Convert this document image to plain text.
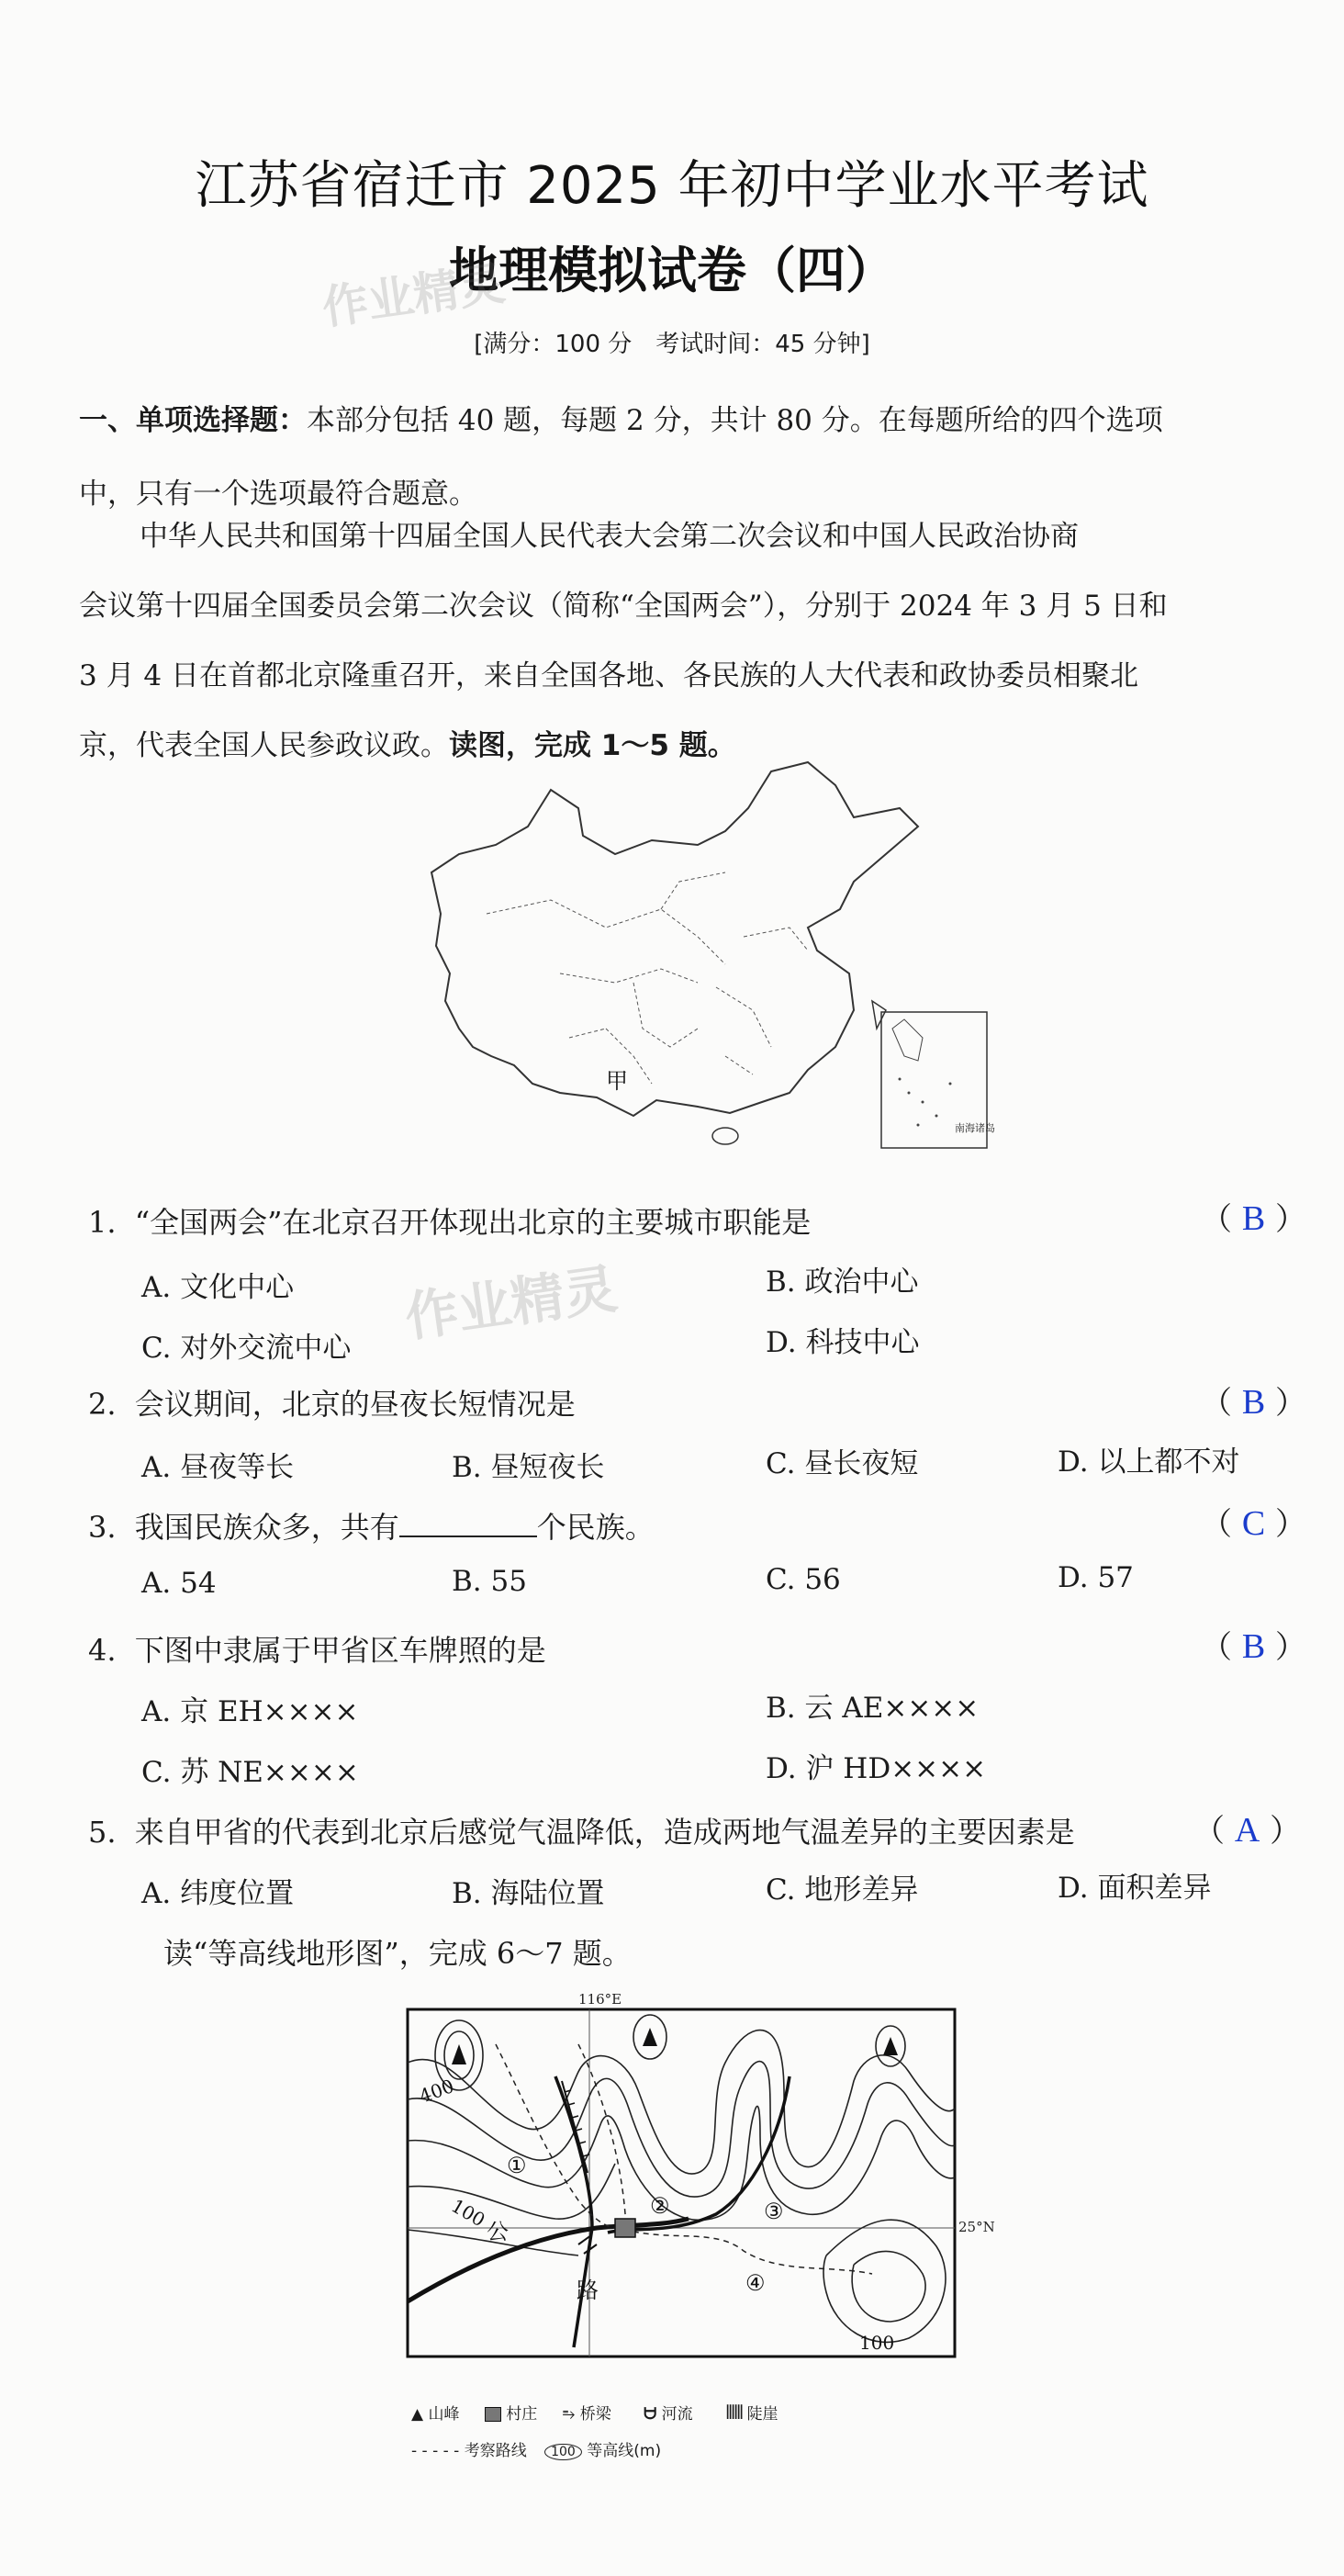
江苏省宿迁市 2025 年初中学业水平考试
地理模拟试卷（四）
作业精灵
[满分：100 分　考试时间：45 分钟]
一、单项选择题：本部分包括 40 题，每题 2 分，共计 80 分。在每题所给的四个选项
中，只有一个选项最符合题意。
中华人民共和国第十四届全国人民代表大会第二次会议和中国人民政治协商
会议第十四届全国委员会第二次会议（简称“全国两会”），分别于 2024 年 3 月 5 日和
3 月 4 日在首都北京隆重召开，来自全国各地、各民族的人大代表和政协委员相聚北
京，代表全国人民参政议政。读图，完成 1～5 题。
南海诸岛
甲
作业精灵
1. “全国两会”在北京召开体现出北京的主要城市职能是	（ B ）
A. 文化中心	B. 政治中心
C. 对外交流中心	D. 科技中心
2. 会议期间，北京的昼夜长短情况是	（ B ）
A. 昼夜等长	B. 昼短夜长	C. 昼长夜短	D. 以上都不对
3. 我国民族众多，共有	个民族。	（ C ）
A. 54	B. 55	C. 56	D. 57
4. 下图中隶属于甲省区车牌照的是	（ B ）
A. 京 EH××××	B. 云 AE××××
C. 苏 NE××××	D. 沪 HD××××
5. 来自甲省的代表到北京后感觉气温降低，造成两地气温差异的主要因素是	（ A ）
A. 纬度位置	B. 海陆位置	C. 地形差异	D. 面积差异
读“等高线地形图”，完成 6～7 题。
116°E
25°N
400
100
100
公
路
①
②	③
④
▲ 山峰	村庄 ⥱ 桥梁 ᗨ 河流 ꟾꟾꟾꟾꟾꟾ 陡崖
- - - - - 考察路线 100 等高线(m)
